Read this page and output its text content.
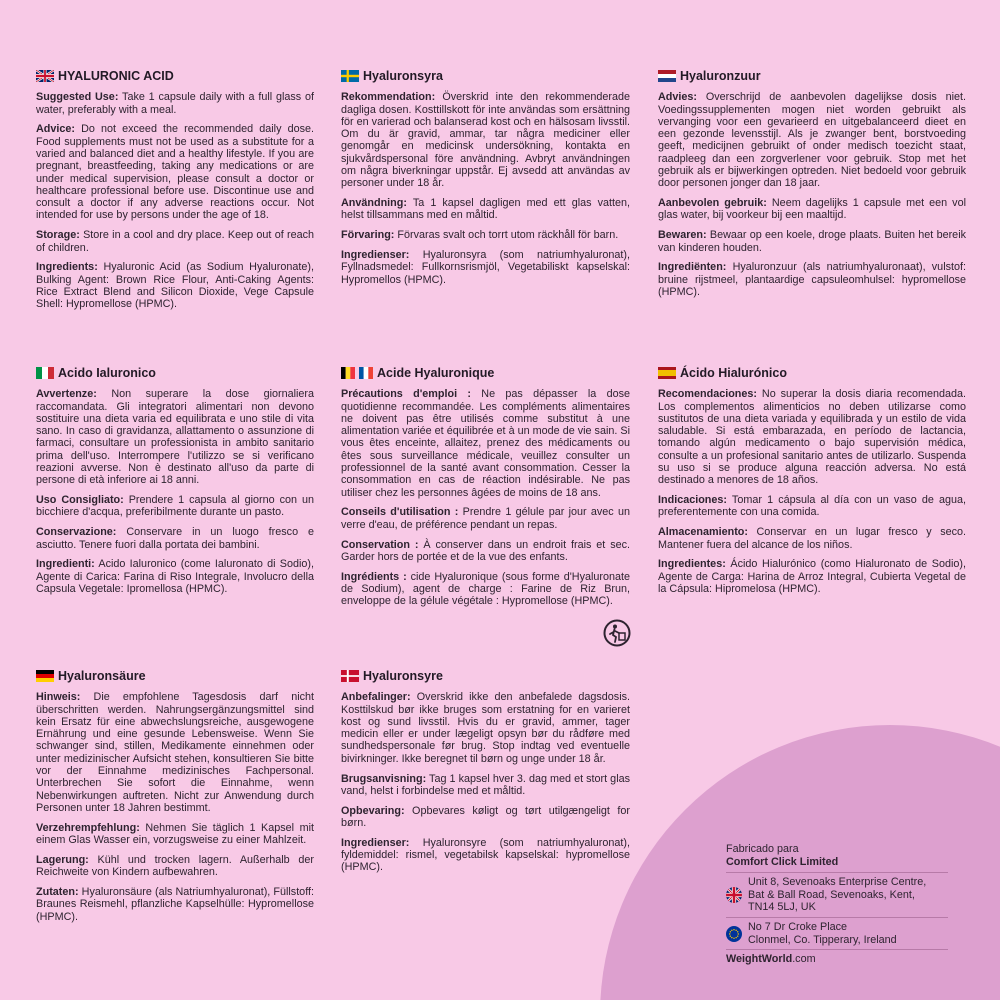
HYALURONIC ACID

Suggested Use: Take 1 capsule daily with a full glass of water, preferably with a meal.

Advice: Do not exceed the recommended daily dose. Food supplements must not be used as a substitute for a varied and balanced diet and a healthy lifestyle. If you are pregnant, breastfeeding, taking any medications or are under medical supervision, please consult a doctor or healthcare professional before use. Discontinue use and consult a doctor if any adverse reactions occur. Not intended for use by persons under the age of 18.

Storage: Store in a cool and dry place. Keep out of reach of children.

Ingredients: Hyaluronic Acid (as Sodium Hyaluronate), Bulking Agent: Brown Rice Flour, Anti-Caking Agents: Rice Extract Blend and Silicon Dioxide, Vege Capsule Shell: Hypromellose (HPMC).

Hyaluronsyra

Rekommendation: Överskrid inte den rekommenderade dagliga dosen. Kosttillskott för inte användas som ersättning för en varierad och balanserad kost och en hälsosam livsstil. Om du är gravid, ammar, tar några mediciner eller genomgår en medicinsk undersökning, kontakta en sjukvårdspersonal före användning. Avbryt användningen om några biverkningar uppstår. Ej avsedd att användas av personer under 18 år.

Användning: Ta 1 kapsel dagligen med ett glas vatten, helst tillsammans med en måltid.

Förvaring: Förvaras svalt och torrt utom räckhåll för barn.

Ingredienser: Hyaluronsyra (som natriumhyaluronat), Fyllnadsmedel: Fullkornsrismjöl, Vegetabiliskt kapselskal: Hypromellos (HPMC).

Hyaluronzuur

Advies: Overschrijd de aanbevolen dagelijkse dosis niet. Voedingssupplementen mogen niet worden gebruikt als vervanging voor een gevarieerd en uitgebalanceerd dieet en een gezonde levensstijl. Als je zwanger bent, borstvoeding geeft, medicijnen gebruikt of onder medisch toezicht staat, raadpleeg dan een zorgverlener voor gebruik. Stop met het gebruik als er bijwerkingen optreden. Niet bedoeld voor gebruik door personen jonger dan 18 jaar.

Aanbevolen gebruik: Neem dagelijks 1 capsule met een vol glas water, bij voorkeur bij een maaltijd.

Bewaren: Bewaar op een koele, droge plaats. Buiten het bereik van kinderen houden.

Ingrediënten: Hyaluronzuur (als natriumhyaluronaat), vulstof: bruine rijstmeel, plantaardige capsuleomhulsel: hypromellose (HPMC).

Acido Ialuronico

Avvertenze: Non superare la dose giornaliera raccomandata. Gli integratori alimentari non devono sostituire una dieta varia ed equilibrata e uno stile di vita sano. In caso di gravidanza, allattamento o assunzione di farmaci, consultare un professionista in ambito sanitario prima dell'uso. Interrompere l'utilizzo se si verificano reazioni avverse. Non è destinato all'uso da parte di persone di età inferiore ai 18 anni.

Uso Consigliato: Prendere 1 capsula al giorno con un bicchiere d'acqua, preferibilmente durante un pasto.

Conservazione: Conservare in un luogo fresco e asciutto. Tenere fuori dalla portata dei bambini.

Ingredienti: Acido Ialuronico (come Ialuronato di Sodio), Agente di Carica: Farina di Riso Integrale, Involucro della Capsula Vegetale: Ipromellosa (HPMC).

Acide Hyaluronique

Précautions d'emploi : Ne pas dépasser la dose quotidienne recommandée. Les compléments alimentaires ne doivent pas être utilisés comme substitut à une alimentation variée et équilibrée et à un mode de vie sain. Si vous êtes enceinte, allaitez, prenez des médicaments ou êtes sous surveillance médicale, veuillez consulter un professionnel de la santé avant consommation. Cesser la consommation en cas de réaction indésirable. Ne pas utiliser chez les personnes âgées de moins de 18 ans.

Conseils d'utilisation : Prendre 1 gélule par jour avec un verre d'eau, de préférence pendant un repas.

Conservation : À conserver dans un endroit frais et sec. Garder hors de portée et de la vue des enfants.

Ingrédients : cide Hyaluronique (sous forme d'Hyaluronate de Sodium), agent de charge : Farine de Riz Brun, enveloppe de la gélule végétale : Hypromellose (HPMC).

Ácido Hialurónico

Recomendaciones: No superar la dosis diaria recomendada. Los complementos alimenticios no deben utilizarse como sustitutos de una dieta variada y equilibrada y un estilo de vida saludable. Si está embarazada, en período de lactancia, tomando algún medicamento o bajo supervisión médica, consulte a un profesional sanitario antes de utilizarlo. Suspenda su uso si se produce alguna reacción adversa. No está destinado a menores de 18 años.

Indicaciones: Tomar 1 cápsula al día con un vaso de agua, preferentemente con una comida.

Almacenamiento: Conservar en un lugar fresco y seco. Mantener fuera del alcance de los niños.

Ingredientes: Ácido Hialurónico (como Hialuronato de Sodio), Agente de Carga: Harina de Arroz Integral, Cubierta Vegetal de la Cápsula: Hipromelosa (HPMC).

Hyaluronsäure

Hinweis: Die empfohlene Tagesdosis darf nicht überschritten werden. Nahrungsergänzungsmittel sind kein Ersatz für eine abwechslungsreiche, ausgewogene Ernährung und eine gesunde Lebensweise. Wenn Sie schwanger sind, stillen, Medikamente einnehmen oder unter medizinischer Aufsicht stehen, konsultieren Sie bitte vor der Einnahme medizinisches Fachpersonal. Unterbrechen Sie sofort die Einnahme, wenn Nebenwirkungen auftreten. Nicht zur Anwendung durch Personen unter 18 Jahren bestimmt.

Verzehrempfehlung: Nehmen Sie täglich 1 Kapsel mit einem Glas Wasser ein, vorzugsweise zu einer Mahlzeit.

Lagerung: Kühl und trocken lagern. Außerhalb der Reichweite von Kindern aufbewahren.

Zutaten: Hyaluronsäure (als Natriumhyaluronat), Füllstoff: Braunes Reismehl, pflanzliche Kapselhülle: Hypromellose (HPMC).

Hyaluronsyre

Anbefalinger: Overskrid ikke den anbefalede dagsdosis. Kosttilskud bør ikke bruges som erstatning for en varieret kost og sund livsstil. Hvis du er gravid, ammer, tager medicin eller er under lægeligt opsyn bør du rådføre med sundhedspersonale før brug. Stop indtag ved eventuelle bivirkninger. Ikke beregnet til børn og unge under 18 år.

Brugsanvisning: Tag 1 kapsel hver 3. dag med et stort glas vand, helst i forbindelse med et måltid.

Opbevaring: Opbevares køligt og tørt utilgængeligt for børn.

Ingredienser: Hyaluronsyre (som natriumhyaluronat), fyldemiddel: rismel, vegetabilsk kapselskal: hypromellose (HPMC).

Fabricado para
Comfort Click Limited
Unit 8, Sevenoaks Enterprise Centre,
Bat & Ball Road, Sevenoaks, Kent,
TN14 5LJ, UK
No 7 Dr Croke Place
Clonmel, Co. Tipperary, Ireland
WeightWorld.com
